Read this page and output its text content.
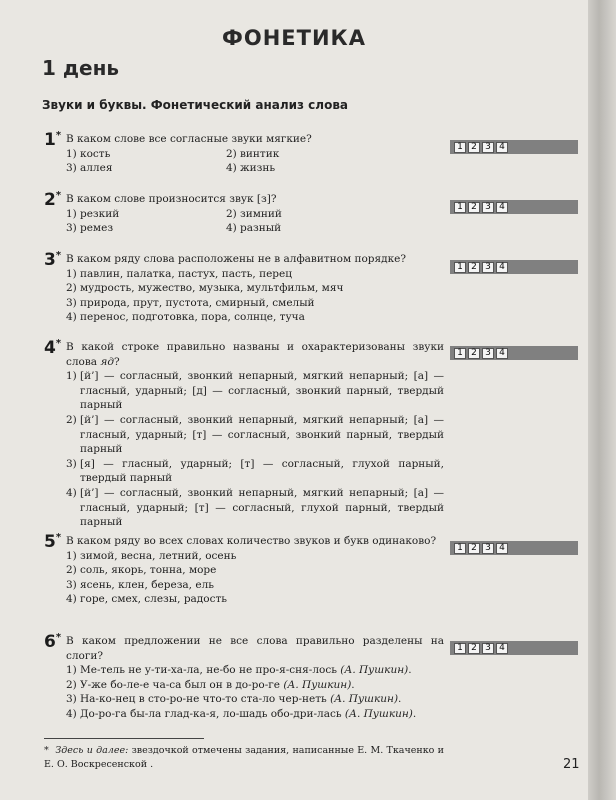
ФОНЕТИКА
1 день
Звуки и буквы. Фонетический анализ слова
1* В каком слове все согласные звуки мягкие?
1) кость	2) винтик
3) аллея	4) жизнь
1 2 3 4
2* В каком слове произносится звук [з]?
1) резкий	2) зимний
3) ремез	4) разный
1 2 3 4
3* В каком ряду слова расположены не в алфавитном порядке?
1) павлин, палатка, пастух, пасть, перец
2) мудрость, мужество, музыка, мультфильм, мяч
3) природа, прут, пустота, смирный, смелый
4) перенос, подготовка, пора, солнце, туча
1 2 3 4
4* В какой строке правильно названы и охарактеризованы звуки слова яд?
1) [й’] — согласный, звонкий непарный, мягкий непарный; [а] — гласный, ударный; [д] — согласный, звонкий парный, твердый парный
2) [й’] — согласный, звонкий непарный, мягкий непарный; [а] — гласный, ударный; [т] — согласный, звонкий парный, твердый парный
3) [я] — гласный, ударный; [т] — согласный, глухой парный, твердый парный
4) [й’] — согласный, звонкий непарный, мягкий непарный; [а] — гласный, ударный; [т] — согласный, глухой парный, твердый парный
1 2 3 4
5* В каком ряду во всех словах количество звуков и букв одинаково?
1) зимой, весна, летний, осень
2) соль, якорь, тонна, море
3) ясень, клен, береза, ель
4) горе, смех, слезы, радость
1 2 3 4
6* В каком предложении не все слова правильно разделены на слоги?
1) Ме-тель не у-ти-ха-ла, не-бо не про-я-сня-лось (А. Пушкин).
2) У-же бо-ле-е ча-са был он в до-ро-ге (А. Пушкин).
3) На-ко-нец в сто-ро-не что-то ста-ло чер-неть (А. Пушкин).
4) До-ро-га бы-ла глад-ка-я, ло-шадь обо-дри-лась (А. Пушкин).
1 2 3 4
* Здесь и далее: звездочкой отмечены задания, написанные Е. М. Ткаченко и Е. О. Воскресенской .	21
